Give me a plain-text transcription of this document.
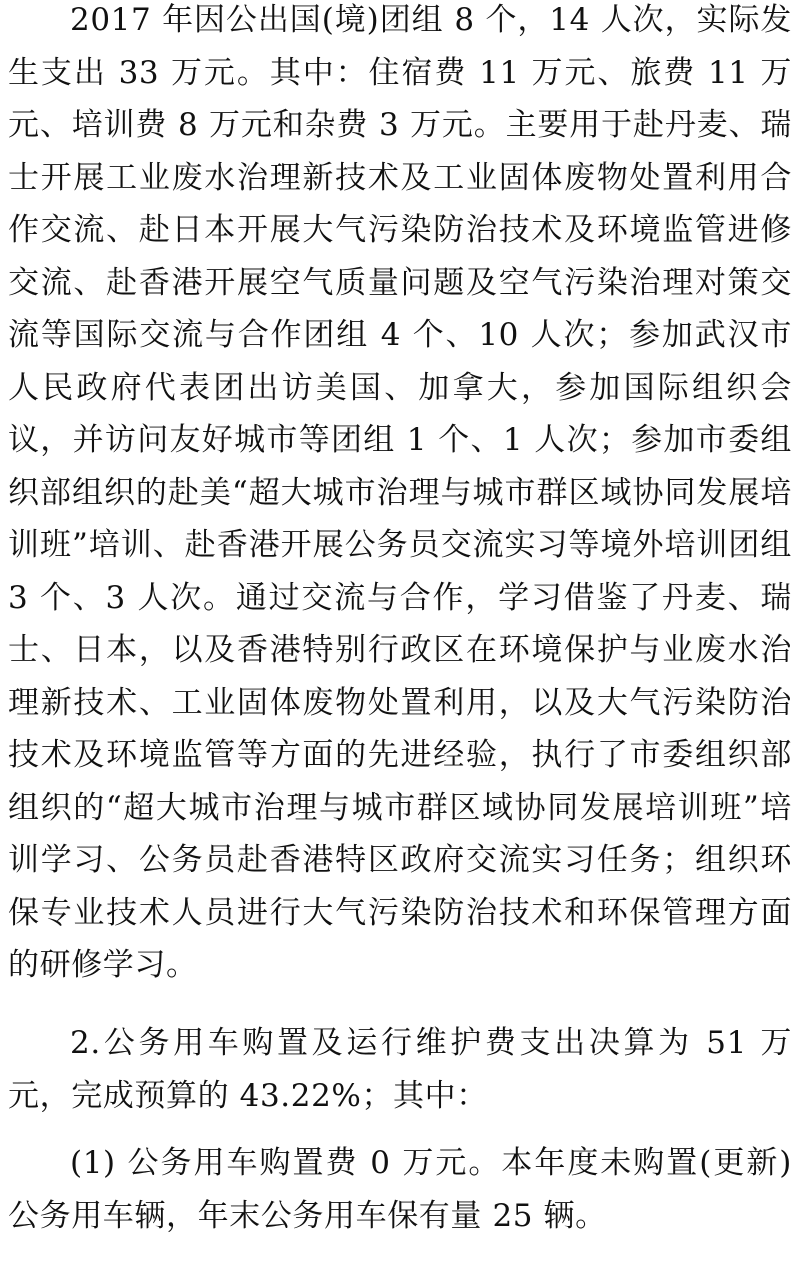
2017 年因公出国(境)团组 8 个，14 人次，实际发生支出 33 万元。其中：住宿费 11 万元、旅费 11 万元、培训费 8 万元和杂费 3 万元。主要用于赴丹麦、瑞士开展工业废水治理新技术及工业固体废物处置利用合作交流、赴日本开展大气污染防治技术及环境监管进修交流、赴香港开展空气质量问题及空气污染治理对策交流等国际交流与合作团组 4 个、10 人次；参加武汉市人民政府代表团出访美国、加拿大，参加国际组织会议，并访问友好城市等团组 1 个、1 人次；参加市委组织部组织的赴美“超大城市治理与城市群区域协同发展培训班”培训、赴香港开展公务员交流实习等境外培训团组 3 个、3 人次。通过交流与合作，学习借鉴了丹麦、瑞士、日本，以及香港特别行政区在环境保护与业废水治理新技术、工业固体废物处置利用，以及大气污染防治技术及环境监管等方面的先进经验，执行了市委组织部组织的“超大城市治理与城市群区域协同发展培训班”培训学习、公务员赴香港特区政府交流实习任务；组织环保专业技术人员进行大气污染防治技术和环保管理方面的研修学习。

2.公务用车购置及运行维护费支出决算为 51 万元，完成预算的 43.22%；其中：

(1) 公务用车购置费 0 万元。本年度未购置(更新)公务用车辆，年末公务用车保有量 25 辆。
